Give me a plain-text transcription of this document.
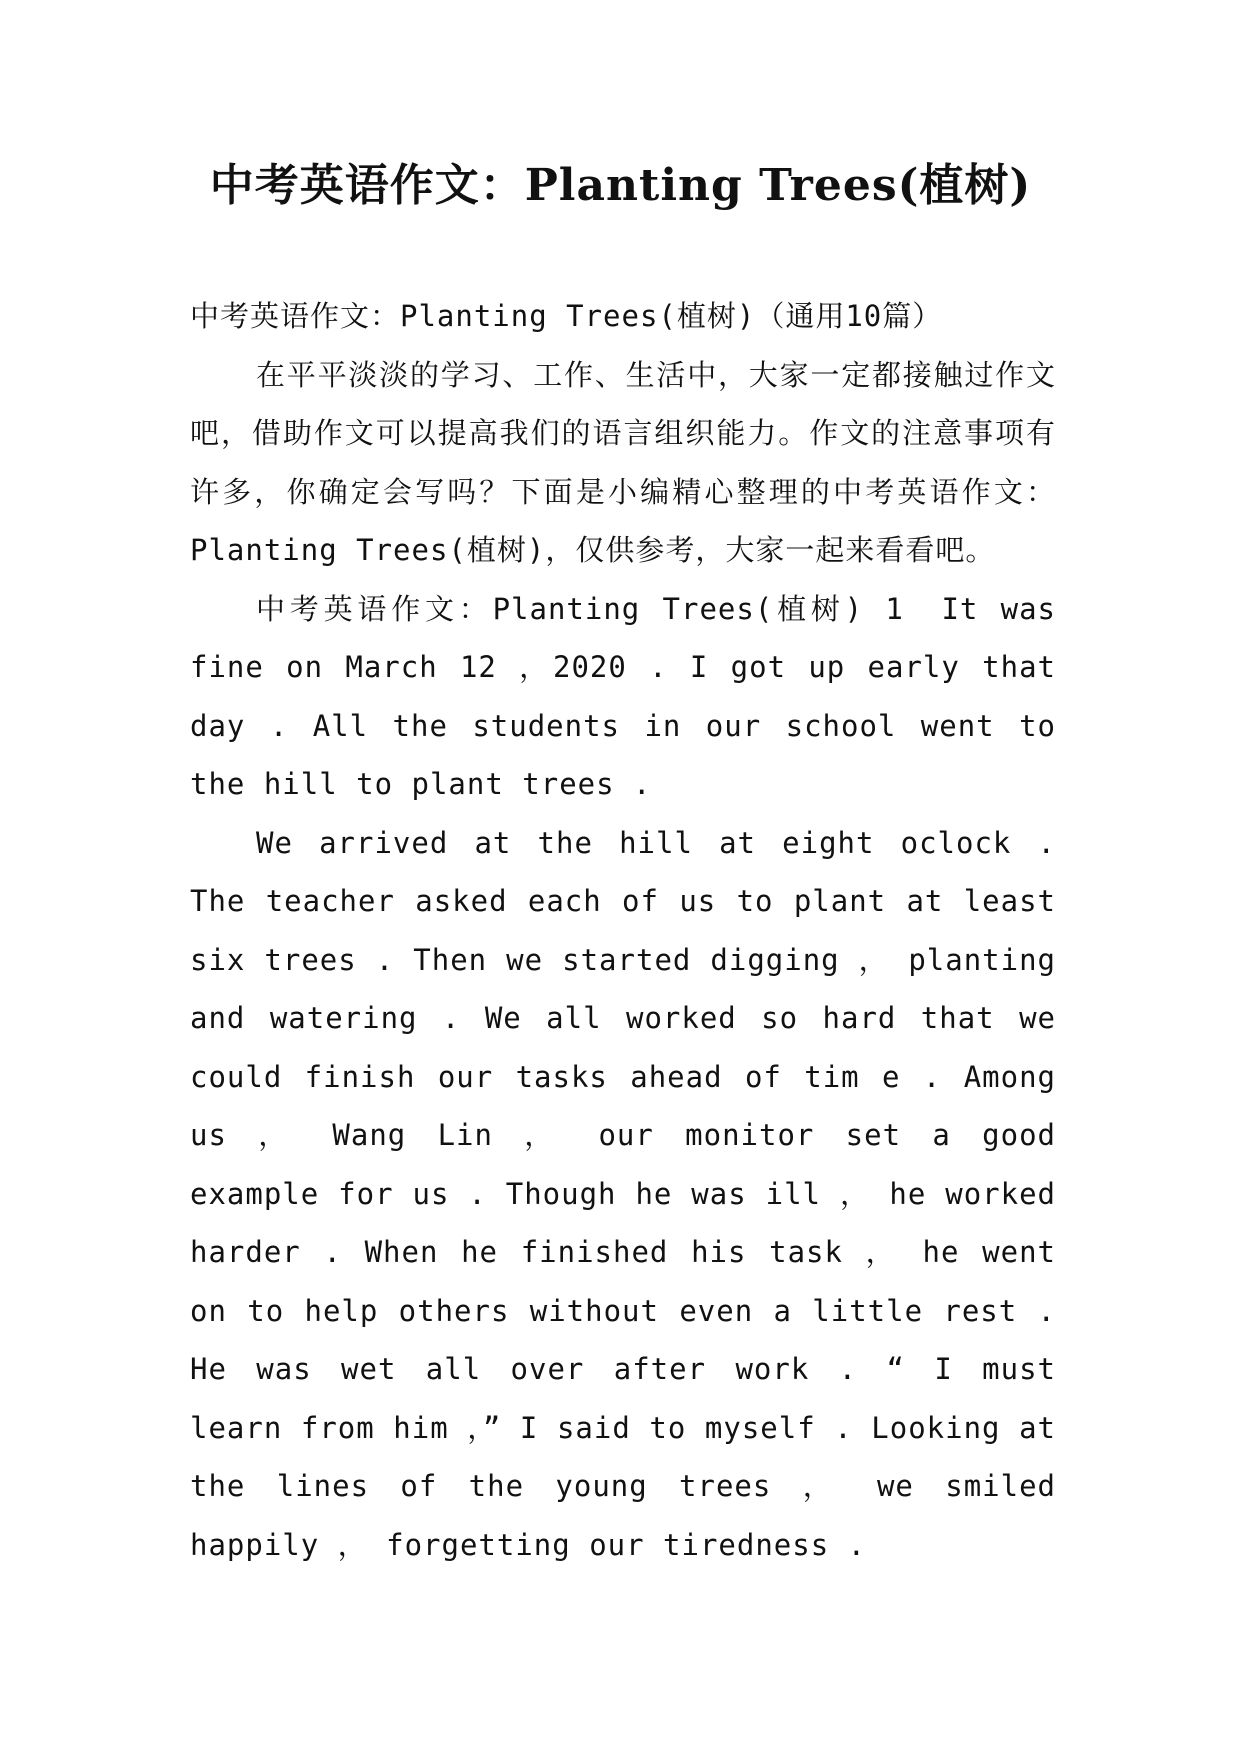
中考英语作文：Planting Trees(植树)

中考英语作文：Planting Trees(植树)（通用10篇）

在平平淡淡的学习、工作、生活中，大家一定都接触过作文吧，借助作文可以提高我们的语言组织能力。作文的注意事项有许多，你确定会写吗？下面是小编精心整理的中考英语作文：Planting Trees(植树)，仅供参考，大家一起来看看吧。

中考英语作文：Planting Trees(植树) 1　It was fine on March 12 ，2020 . I got up early that day . All the students in our school went to the hill to plant trees .

We arrived at the hill at eight oclock . The teacher asked each of us to plant at least six trees . Then we started digging ， planting and watering . We all worked so hard that we could finish our tasks ahead of tim e . Among us ， Wang Lin ， our monitor set a good example for us . Though he was ill ， he worked harder . When he finished his task ， he went on to help others without even a little rest . He was wet all over after work . “ I must learn from him ，” I said to myself . Looking at the lines of the young trees ， we smiled happily ， forgetting our tiredness .
